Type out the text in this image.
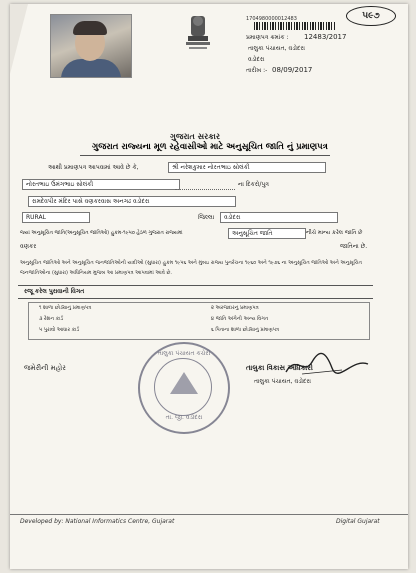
૫૯૭
1704980000012483
પ્રમાણપત્ર ક્રમાંક : 12483/2017
તાલુકા પંચાયત, વડોદરા
વડોદરા
તારીખ :- 08/09/2017
ગુજરાત સરકાર
ગુજરાત રાજ્યના મૂળ રહેવાસીઓ માટે અનુસૂચિત જાતિ નું પ્રમાણપત્ર
આથી પ્રમાણપત્ર આપવામાં આવે છે કે,	શ્રી નરેશકુમાર નોરતભાઇ સોલંકી
નોરતભાઇ ઉમંગભાઇ સોલંકી	ના દિકરો/પુત્ર
રામદેવપીર મંદિર પાસે વણકરવાસ અનગઢ વડોદરા
RURAL	જિલ્લા	વડોદરા
જ્યાં અનુસૂચિત જાતિ(અનુસૂચિત જાતિઓ) હુકમ-૧૯૫૦ હેઠળ ગુજરાત રાજ્યમાં	અનુસૂચિત જાતિ	નીચે માન્ય કરેલ જાતિ છે
વણકર	જાતિના છે.
અનુસૂચિત જાતિઓ અને અનુસૂચિત જનજાતિઓની યાદીઓ (સુધારા) હુકમ ૧૯૫૬ અને મુંબઇ રાજ્ય પુનર્રચના ૧૯૬૦ અને ૧૯૭૬ ના અનુસૂચિત જાતિઓ અને અનુસૂચિત જનજાતિઓના (સુધારા) અધિનિયમ મુજબ આ પ્રમાણપત્ર આપવામાં આવે છે.
રજૂ કરેલ પુરાવાની વિગત
૧ શાળા છોડ્યાનું પ્રમાણપત્ર	૨ અરજદારનું પ્રમાણપત્ર
૩ રેશન કાર્ડ	૪ જાતિ અંગેની અન્ય વિગત
૫ પુરાવો આધાર કાર્ડ	૬ પિતાના શાળા છોડ્યાનું પ્રમાણપત્ર
જમેરીની મહોર
તાલુકા પંચાયત કચેરી
તા. જી. વડોદરા
તાલુકા વિકાસ અધિકારી
તાલુકા પંચાયત, વડોદરા
Developed by: National Informatics Centre, Gujarat	Digital Gujarat
